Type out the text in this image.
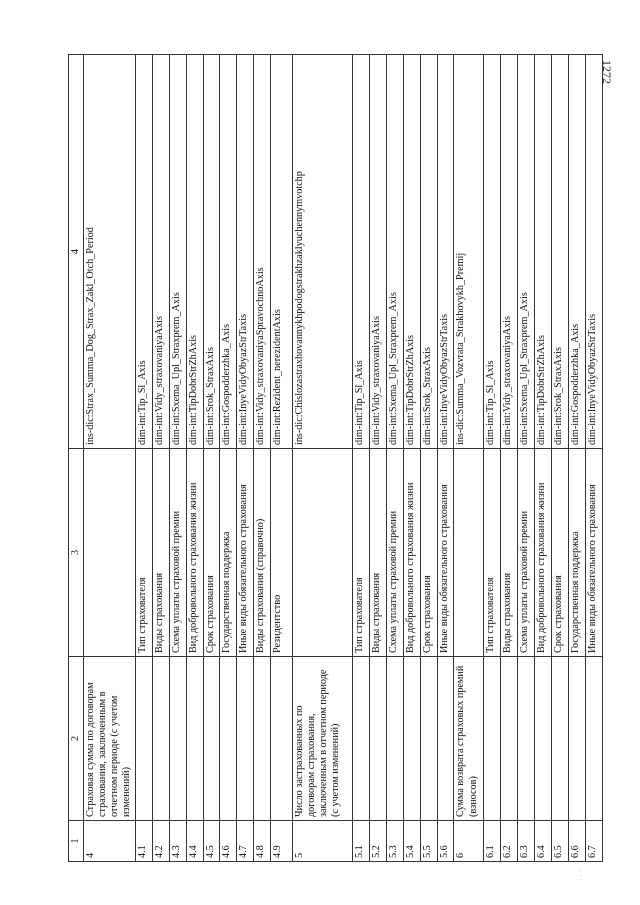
1272
1	2	3	4
4	Страховая сумма по договорам страхования, заключенным в отчетном периоде (с учетом изменений)		ins-dic:Strax_Summa_Dog_Strax_Zakl_Otch_Period
4.1		Тип страхователя	dim-int:Tip_Sl_Axis
4.2		Виды страхования	dim-int:Vidy_straxovaniyaAxis
4.3		Схема уплаты страховой премии	dim-int:Sxema_Upl_Straxprem_Axis
4.4		Вид добровольного страхования жизни	dim-int:TipDobrStrZhAxis
4.5		Срок страхования	dim-int:Srok_StraxAxis
4.6		Государственная поддержка	dim-int:Gospodderzhka_Axis
4.7		Иные виды обязательного страхования	dim-int:InyeVidyObyazStrTaxis
4.8		Виды страхования (справочно)	dim-int:Vidy_straxovaniyaSpravochnoAxis
4.9		Резидентство	dim-int:Rezident_nerezidentAxis
5	Число застрахованных по договорам страхования, заключенным в отчетном периоде (с учетом изменений)		ins-dic:Chislozastraxhovannykhpodogstrakhzaklyuchennymvotchp
5.1		Тип страхователя	dim-int:Tip_Sl_Axis
5.2		Виды страхования	dim-int:Vidy_straxovaniyaAxis
5.3		Схема уплаты страховой премии	dim-int:Sxema_Upl_Straxprem_Axis
5.4		Вид добровольного страхования жизни	dim-int:TipDobrStrZhAxis
5.5		Срок страхования	dim-int:Srok_StraxAxis
5.6		Иные виды обязательного страхования	dim-int:InyeVidyObyazStrTaxis
6	Сумма возврата страховых премий (взносов)		ins-dic:Summa_Vozvrata_Strakhovykh_Premij
6.1		Тип страхователя	dim-int:Tip_Sl_Axis
6.2		Виды страхования	dim-int:Vidy_straxovaniyaAxis
6.3		Схема уплаты страховой премии	dim-int:Sxema_Upl_Straxprem_Axis
6.4		Вид добровольного страхования жизни	dim-int:TipDobrStrZhAxis
6.5		Срок страхования	dim-int:Srok_StraxAxis
6.6		Государственная поддержка	dim-int:Gospodderzhka_Axis
6.7		Иные виды обязательного страхования	dim-int:InyeVidyObyazStrTaxis
· · ·
